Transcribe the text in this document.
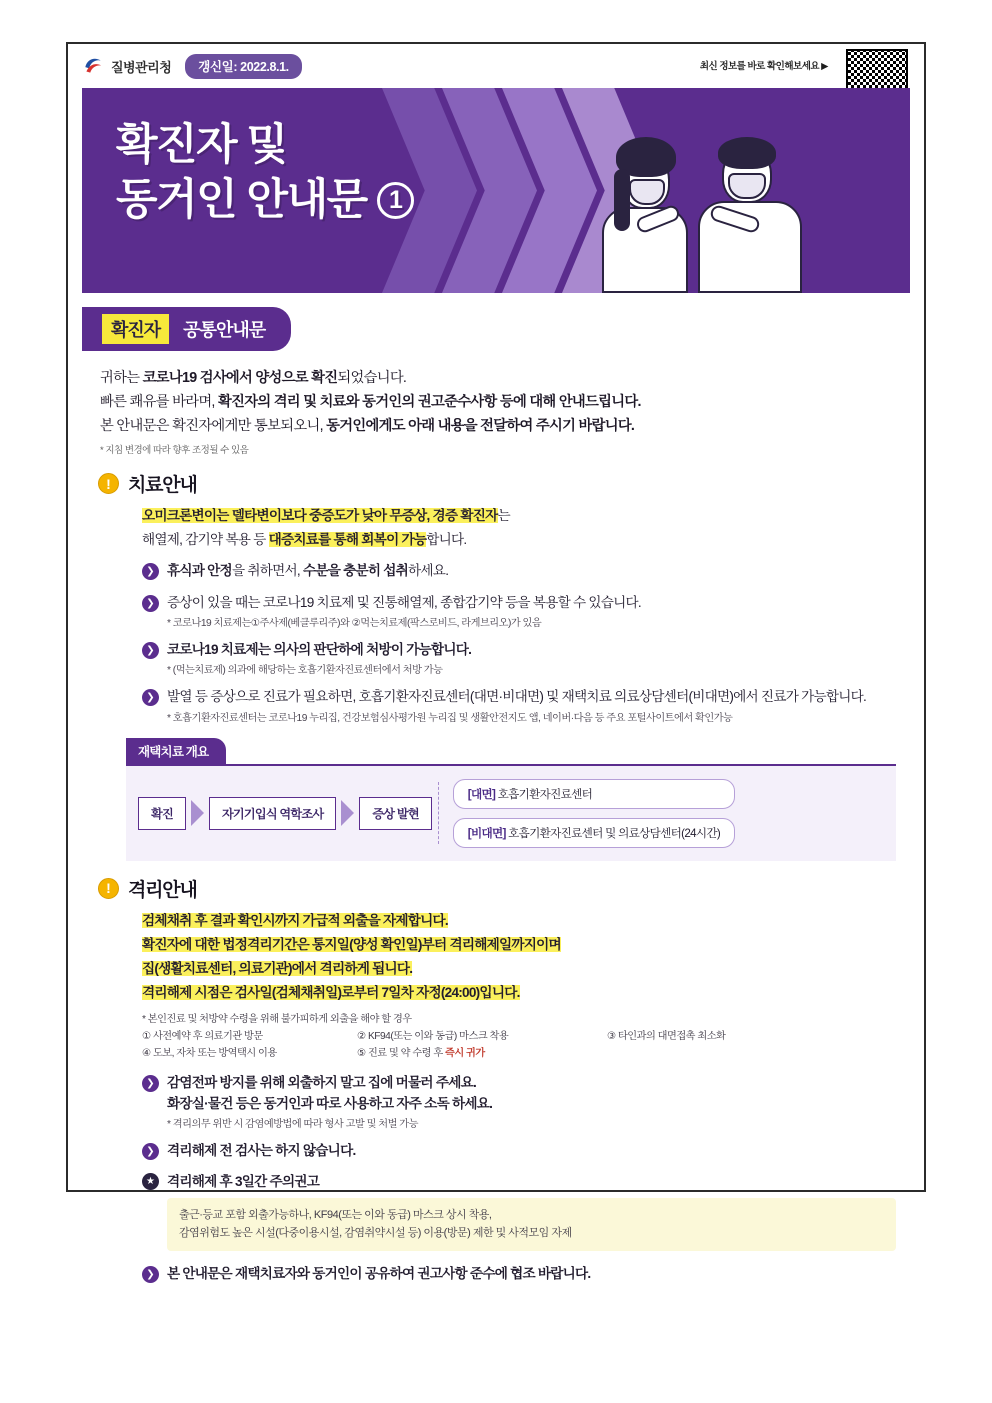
질병관리청	갱신일: 2022.8.1.	최신 정보를 바로 확인해보세요 ▶
확진자 및
동거인 안내문 1
확진자	공통안내문

귀하는 코로나19 검사에서 양성으로 확진되었습니다.

빠른 쾌유를 바라며, 확진자의 격리 및 치료와 동거인의 권고준수사항 등에 대해 안내드립니다.

본 안내문은 확진자에게만 통보되오니, 동거인에게도 아래 내용을 전달하여 주시기 바랍니다.

* 지침 변경에 따라 향후 조정될 수 있음
! 치료안내

오미크론변이는 델타변이보다 중증도가 낮아 무증상, 경증 확진자는

해열제, 감기약 복용 등 대증치료를 통해 회복이 가능합니다.

❯ 휴식과 안정을 취하면서, 수분을 충분히 섭취하세요.
❯ 증상이 있을 때는 코로나19 치료제 및 진통해열제, 종합감기약 등을 복용할 수 있습니다.
* 코로나19 치료제는①주사제(베클루리주)와 ②먹는치료제(팍스로비드, 라게브리오)가 있음
❯ 코로나19 치료제는 의사의 판단하에 처방이 가능합니다.
* (먹는치료제) 의과에 해당하는 호흡기환자진료센터에서 처방 가능
❯ 발열 등 증상으로 진료가 필요하면, 호흡기환자진료센터(대면·비대면) 및 재택치료 의료상담센터(비대면)에서 진료가 가능합니다.
* 호흡기환자진료센터는 코로나19 누리집, 건강보험심사평가원 누리집 및 생활안전지도 앱, 네이버·다음 등 주요 포털사이트에서 확인가능
재택치료 개요
확진	자기기입식 역학조사	증상 발현
[대면] 호흡기환자진료센터
[비대면] 호흡기환자진료센터 및 의료상담센터(24시간)
! 격리안내

검체채취 후 결과 확인시까지 가급적 외출을 자제합니다.

확진자에 대한 법정격리기간은 통지일(양성 확인일)부터 격리해제일까지이며

집(생활치료센터, 의료기관)에서 격리하게 됩니다.

격리해제 시점은 검사일(검체채취일)로부터 7일차 자정(24:00)입니다.

* 본인진료 및 처방약 수령을 위해 불가피하게 외출을 해야 할 경우
① 사전예약 후 의료기관 방문
④ 도보, 자차 또는 방역택시 이용
② KF94(또는 이와 동급) 마스크 착용
⑤ 진료 및 약 수령 후 즉시 귀가
③ 타인과의 대면접촉 최소화
❯ 감염전파 방지를 위해 외출하지 말고 집에 머물러 주세요.
화장실·물건 등은 동거인과 따로 사용하고 자주 소독 하세요.
* 격리의무 위반 시 감염예방법에 따라 형사 고발 및 처벌 가능
❯ 격리해제 전 검사는 하지 않습니다.
★ 격리해제 후 3일간 주의권고
출근·등교 포함 외출가능하나, KF94(또는 이와 동급) 마스크 상시 착용,
감염위험도 높은 시설(다중이용시설, 감염취약시설 등) 이용(방문) 제한 및 사적모임 자제
❯ 본 안내문은 재택치료자와 동거인이 공유하여 권고사항 준수에 협조 바랍니다.
